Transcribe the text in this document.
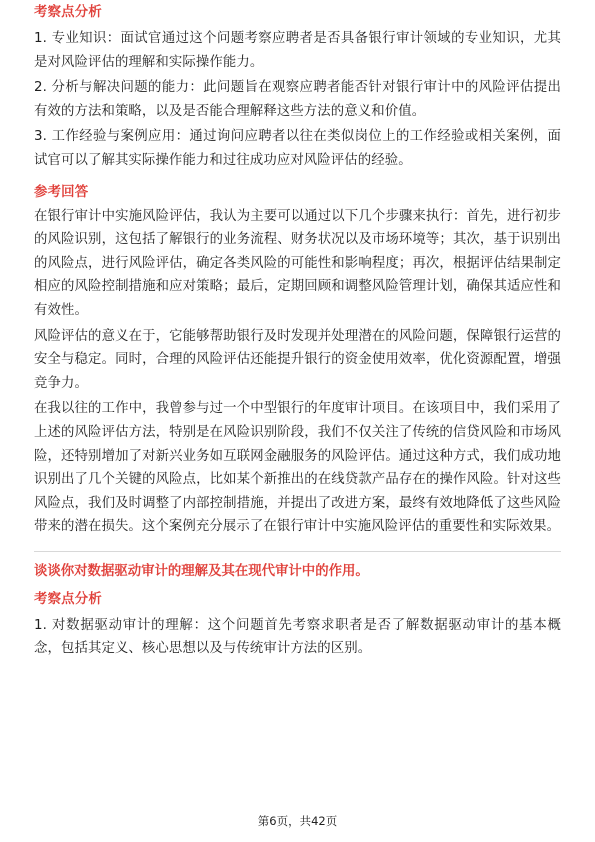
考察点分析

1. 专业知识：面试官通过这个问题考察应聘者是否具备银行审计领域的专业知识，尤其是对风险评估的理解和实际操作能力。

2. 分析与解决问题的能力：此问题旨在观察应聘者能否针对银行审计中的风险评估提出有效的方法和策略，以及是否能合理解释这些方法的意义和价值。

3. 工作经验与案例应用：通过询问应聘者以往在类似岗位上的工作经验或相关案例，面试官可以了解其实际操作能力和过往成功应对风险评估的经验。

参考回答

在银行审计中实施风险评估，我认为主要可以通过以下几个步骤来执行：首先，进行初步的风险识别，这包括了解银行的业务流程、财务状况以及市场环境等；其次，基于识别出的风险点，进行风险评估，确定各类风险的可能性和影响程度；再次，根据评估结果制定相应的风险控制措施和应对策略；最后，定期回顾和调整风险管理计划，确保其适应性和有效性。

风险评估的意义在于，它能够帮助银行及时发现并处理潜在的风险问题，保障银行运营的安全与稳定。同时，合理的风险评估还能提升银行的资金使用效率，优化资源配置，增强竞争力。

在我以往的工作中，我曾参与过一个中型银行的年度审计项目。在该项目中，我们采用了上述的风险评估方法，特别是在风险识别阶段，我们不仅关注了传统的信贷风险和市场风险，还特别增加了对新兴业务如互联网金融服务的风险评估。通过这种方式，我们成功地识别出了几个关键的风险点，比如某个新推出的在线贷款产品存在的操作风险。针对这些风险点，我们及时调整了内部控制措施，并提出了改进方案，最终有效地降低了这些风险带来的潜在损失。这个案例充分展示了在银行审计中实施风险评估的重要性和实际效果。

谈谈你对数据驱动审计的理解及其在现代审计中的作用。

考察点分析

1. 对数据驱动审计的理解：这个问题首先考察求职者是否了解数据驱动审计的基本概念，包括其定义、核心思想以及与传统审计方法的区别。

第6页，共42页
